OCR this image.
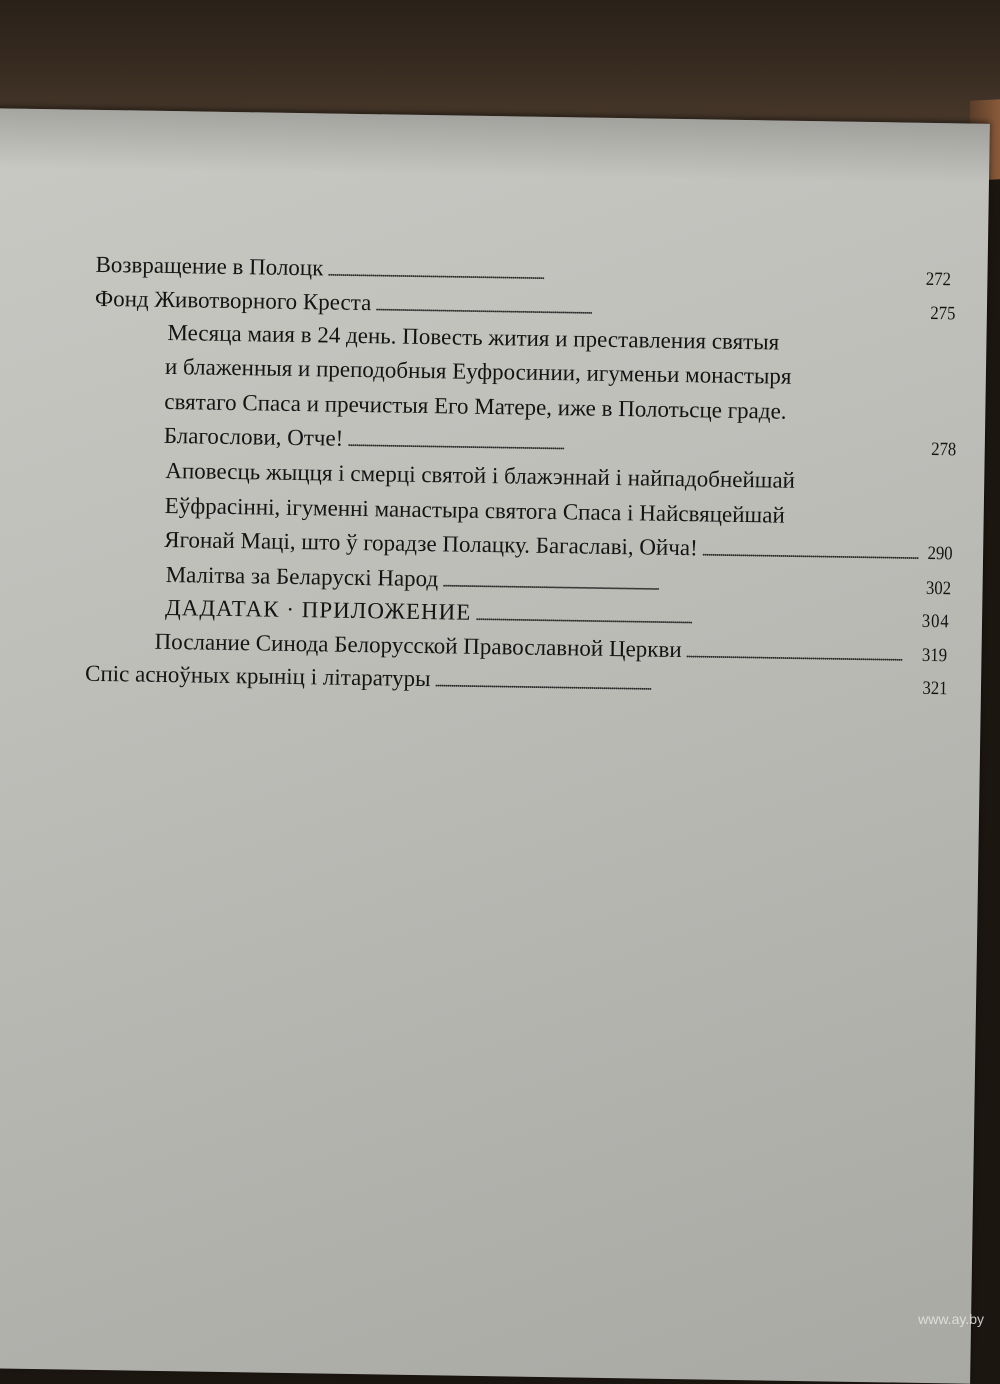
Возвращение в Полоцк . . .	272
Фонд Животворного Креста . . .	275
Месяца маия в 24 день. Повесть жития и преставления святыя
и блаженныя и преподобныя Еуфросинии, игуменьи монастыря
святаго Спаса и пречистыя Его Матере, иже в Полотьсце граде.
Благослови, Отче! . . .	278
Аповесць жыцця і смерці святой і блажэннай і найпадобнейшай
Еўфрасінні, ігуменні манастыра святога Спаса і Найсвяцейшай
Ягонай Маці, што ў горадзе Полацку. Багаславі, Ойча! . . .	290
Малітва за Беларускі Народ . . .	302
ДАДАТАК · ПРИЛОЖЕНИЕ . . .	304
Послание Синода Белорусской Православной Церкви . . .	319
Спіс асноўных крыніц і літаратуры . . .	321
www.ay.by
